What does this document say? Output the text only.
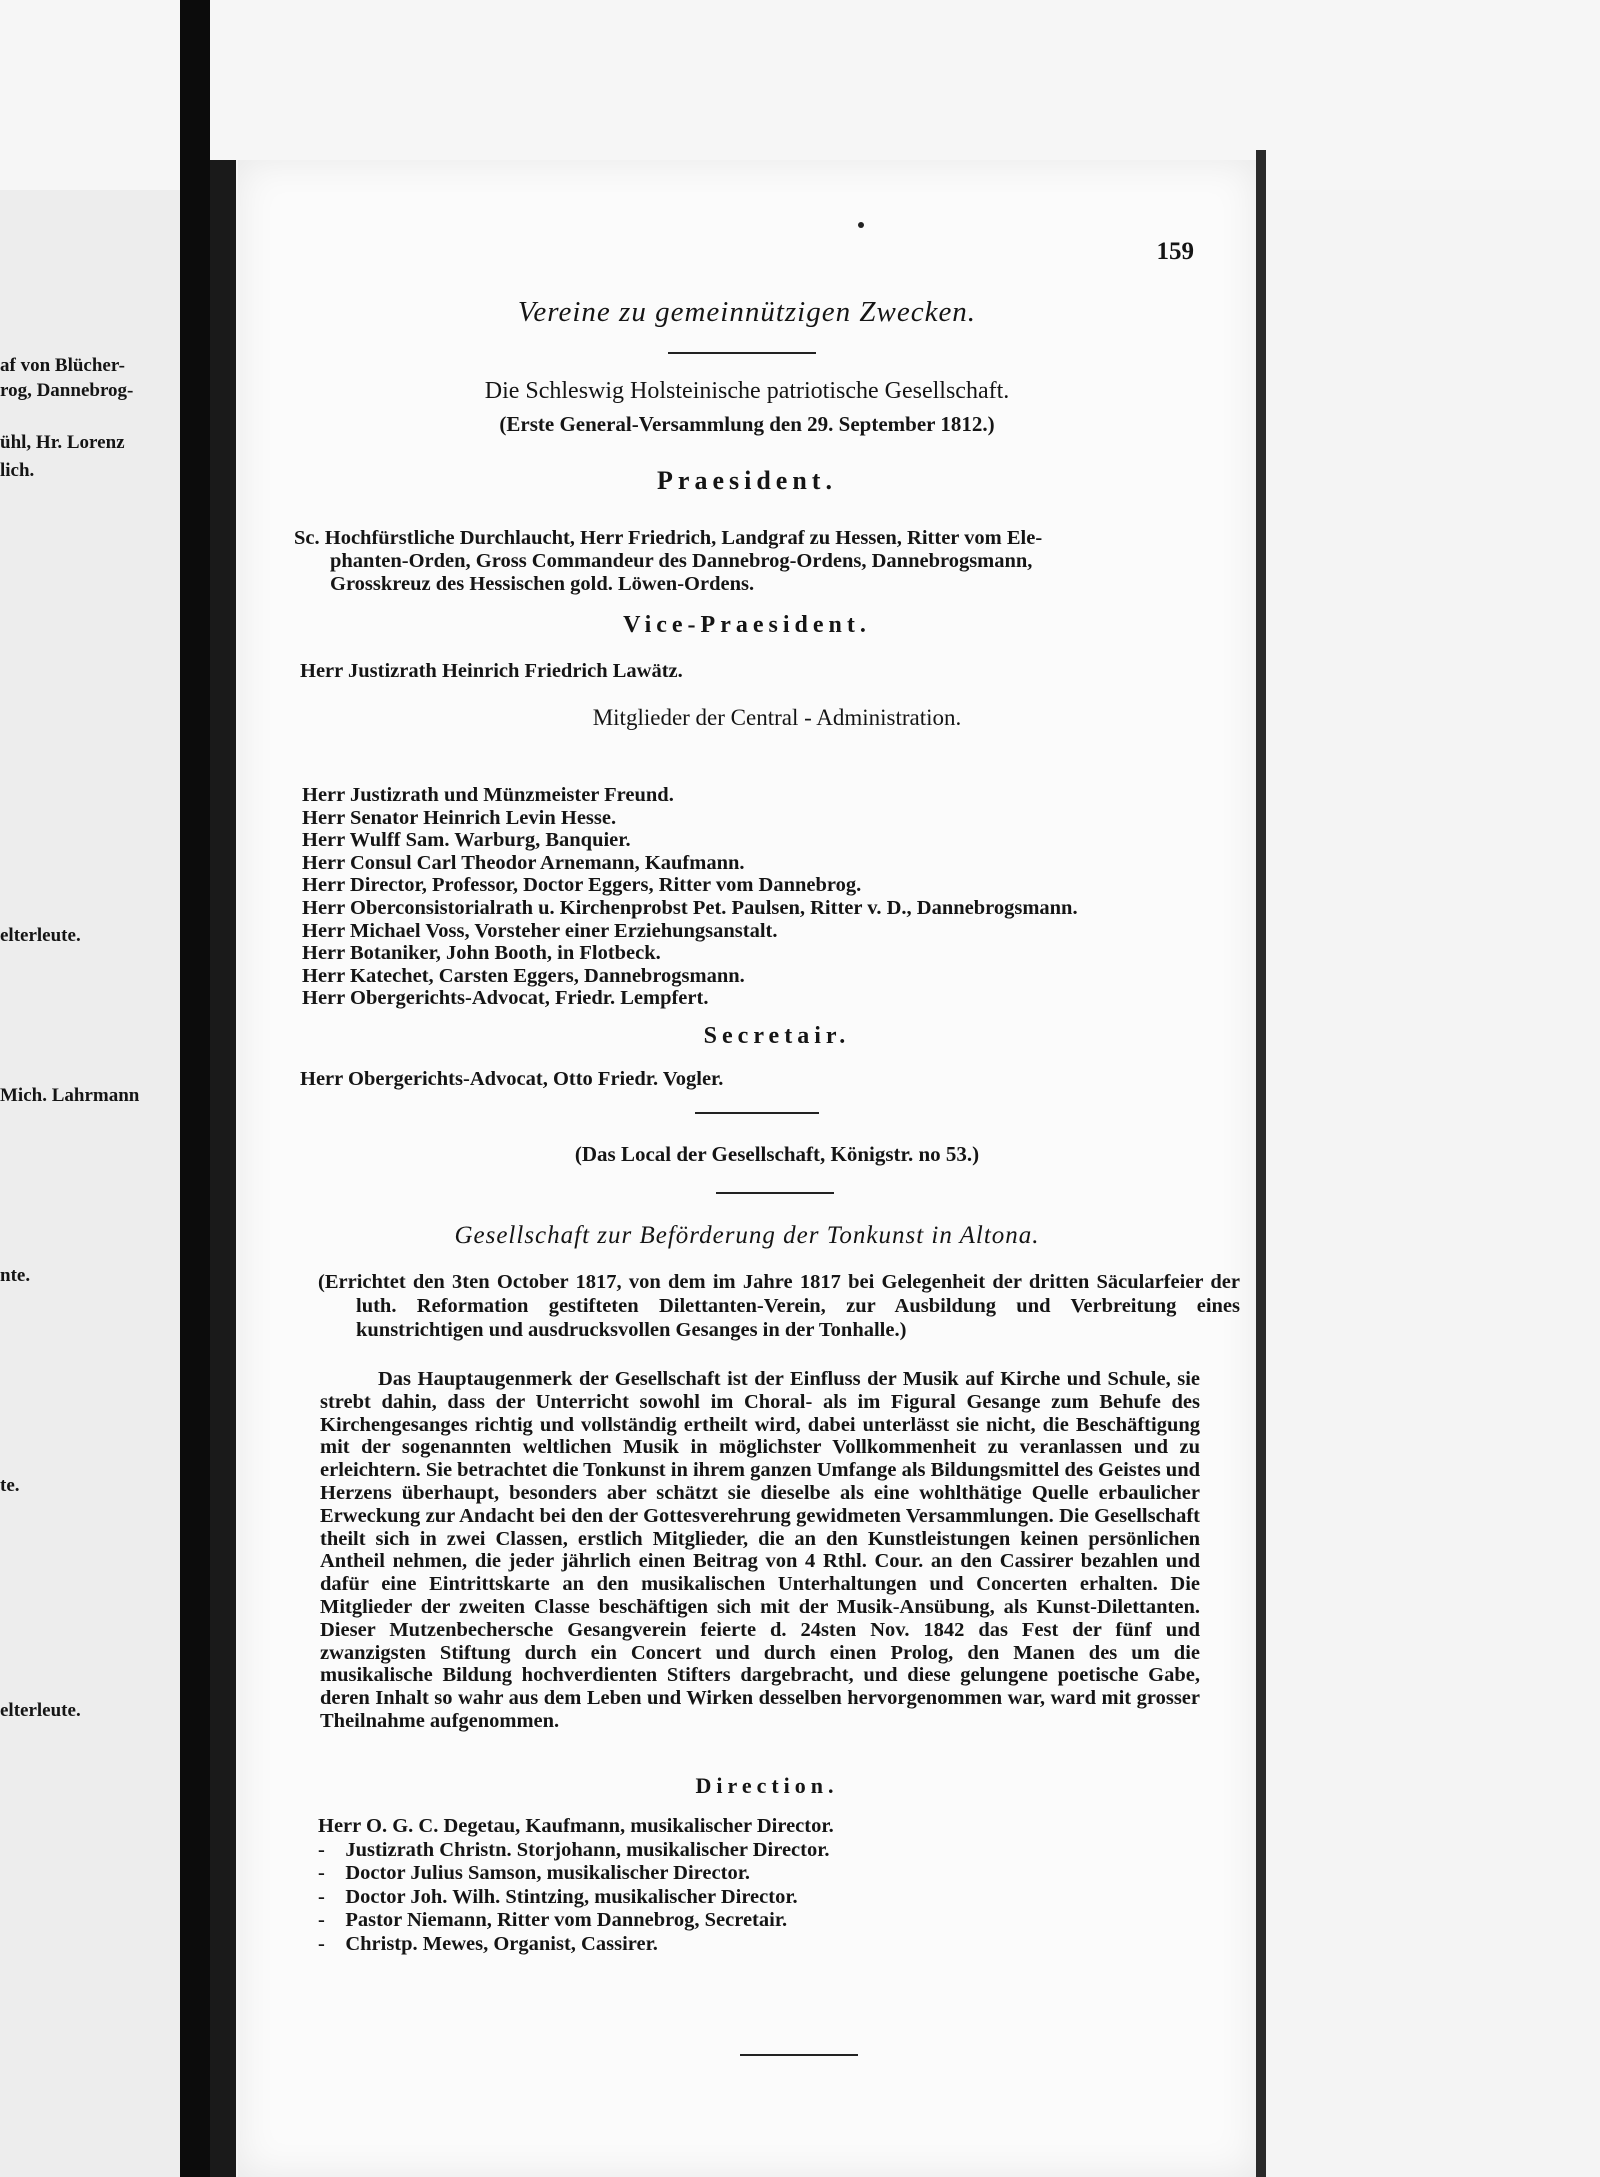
af von Blücher-
rog, Dannebrog-
ühl, Hr. Lorenz
lich.
elterleute.
Mich. Lahrmann
nte.
te.
elterleute.
159
Vereine zu gemeinnützigen Zwecken.
Die Schleswig Holsteinische patriotische Gesellschaft.
(Erste General-Versammlung den 29. September 1812.)
Praesident.
Sc. Hochfürstliche Durchlaucht, Herr Friedrich, Landgraf zu Hessen, Ritter vom Ele-
phanten-Orden, Gross Commandeur des Dannebrog-Ordens, Dannebrogsmann,
Grosskreuz des Hessischen gold. Löwen-Ordens.
Vice-Praesident.
Herr Justizrath Heinrich Friedrich Lawätz.
Mitglieder der Central - Administration.
Herr Justizrath und Münzmeister Freund.
Herr Senator Heinrich Levin Hesse.
Herr Wulff Sam. Warburg, Banquier.
Herr Consul Carl Theodor Arnemann, Kaufmann.
Herr Director, Professor, Doctor Eggers, Ritter vom Dannebrog.
Herr Oberconsistorialrath u. Kirchenprobst Pet. Paulsen, Ritter v. D., Dannebrogsmann.
Herr Michael Voss, Vorsteher einer Erziehungsanstalt.
Herr Botaniker, John Booth, in Flotbeck.
Herr Katechet, Carsten Eggers, Dannebrogsmann.
Herr Obergerichts-Advocat, Friedr. Lempfert.
Secretair.
Herr Obergerichts-Advocat, Otto Friedr. Vogler.
(Das Local der Gesellschaft, Königstr. no 53.)
Gesellschaft zur Beförderung der Tonkunst in Altona.
(Errichtet den 3ten October 1817, von dem im Jahre 1817 bei Gelegenheit der dritten Säcularfeier der luth. Reformation gestifteten Dilettanten-Verein, zur Ausbildung und Verbreitung eines kunstrichtigen und ausdrucksvollen Gesanges in der Tonhalle.)
Das Hauptaugenmerk der Gesellschaft ist der Einfluss der Musik auf Kirche und Schule, sie strebt dahin, dass der Unterricht sowohl im Choral- als im Figural Gesange zum Behufe des Kirchengesanges richtig und vollständig ertheilt wird, dabei unterlässt sie nicht, die Beschäftigung mit der sogenannten weltlichen Musik in möglichster Vollkommenheit zu veranlassen und zu erleichtern. Sie betrachtet die Tonkunst in ihrem ganzen Umfange als Bildungsmittel des Geistes und Herzens überhaupt, besonders aber schätzt sie dieselbe als eine wohlthätige Quelle erbaulicher Erweckung zur Andacht bei den der Gottesverehrung gewidmeten Versammlungen. Die Gesellschaft theilt sich in zwei Classen, erstlich Mitglieder, die an den Kunstleistungen keinen persönlichen Antheil nehmen, die jeder jährlich einen Beitrag von 4 Rthl. Cour. an den Cassirer bezahlen und dafür eine Eintrittskarte an den musikalischen Unterhaltungen und Concerten erhalten. Die Mitglieder der zweiten Classe beschäftigen sich mit der Musik-Ansübung, als Kunst-Dilettanten. Dieser Mutzenbechersche Gesangverein feierte d. 24sten Nov. 1842 das Fest der fünf und zwanzigsten Stiftung durch ein Concert und durch einen Prolog, den Manen des um die musikalische Bildung hochverdienten Stifters dargebracht, und diese gelungene poetische Gabe, deren Inhalt so wahr aus dem Leben und Wirken desselben hervorgenommen war, ward mit grosser Theilnahme aufgenommen.
Direction.
Herr O. G. C. Degetau, Kaufmann, musikalischer Director.
-    Justizrath Christn. Storjohann, musikalischer Director.
-    Doctor Julius Samson, musikalischer Director.
-    Doctor Joh. Wilh. Stintzing, musikalischer Director.
-    Pastor Niemann, Ritter vom Dannebrog, Secretair.
-    Christp. Mewes, Organist, Cassirer.
